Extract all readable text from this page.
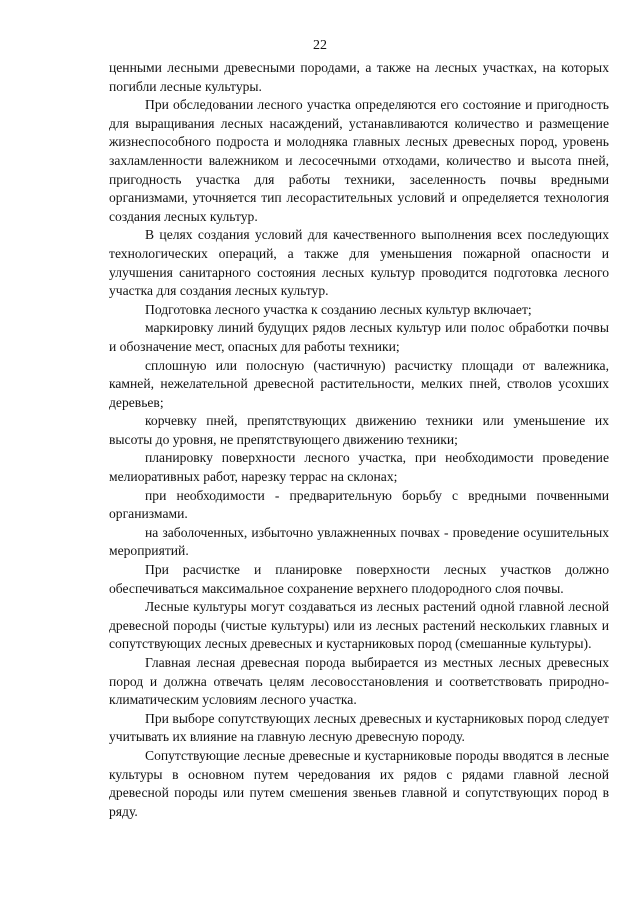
22

ценными лесными древесными породами, а также на лесных участках, на которых погибли лесные культуры.

При обследовании лесного участка определяются его состояние и пригодность для выращивания лесных насаждений, устанавливаются количество и размещение жизнеспособного подроста и молодняка главных лесных древесных пород, уровень захламленности валежником и лесосечными отходами, количество и высота пней, пригодность участка для работы техники, заселенность почвы вредными организмами, уточняется тип лесорастительных условий и определяется технология создания лесных культур.

В целях создания условий для качественного выполнения всех последующих технологических операций, а также для уменьшения пожарной опасности и улучшения санитарного состояния лесных культур проводится подготовка лесного участка для создания лесных культур.

Подготовка лесного участка к созданию лесных культур включает;

маркировку линий будущих рядов лесных культур или полос обработки почвы и обозначение мест, опасных для работы техники;

сплошную или полосную (частичную) расчистку площади от валежника, камней, нежелательной древесной растительности, мелких пней, стволов усохших деревьев;

корчевку пней, препятствующих движению техники или уменьшение их высоты до уровня, не препятствующего движению техники;

планировку поверхности лесного участка, при необходимости проведение мелиоративных работ, нарезку террас на склонах;

при необходимости - предварительную борьбу с вредными почвенными организмами.

на заболоченных, избыточно увлажненных почвах - проведение осушительных мероприятий.

При расчистке и планировке поверхности лесных участков должно обеспечиваться максимальное сохранение верхнего плодородного слоя почвы.

Лесные культуры могут создаваться из лесных растений одной главной лесной древесной породы (чистые культуры) или из лесных растений нескольких главных и сопутствующих лесных древесных и кустарниковых пород (смешанные культуры).

Главная лесная древесная порода выбирается из местных лесных древесных пород и должна отвечать целям лесовосстановления и соответствовать природно-климатическим условиям лесного участка.

При выборе сопутствующих лесных древесных и кустарниковых пород следует учитывать их влияние на главную лесную древесную породу.

Сопутствующие лесные древесные и кустарниковые породы вводятся в лесные культуры в основном путем чередования их рядов с рядами главной лесной древесной породы или путем смешения звеньев главной и сопутствующих пород в ряду.
